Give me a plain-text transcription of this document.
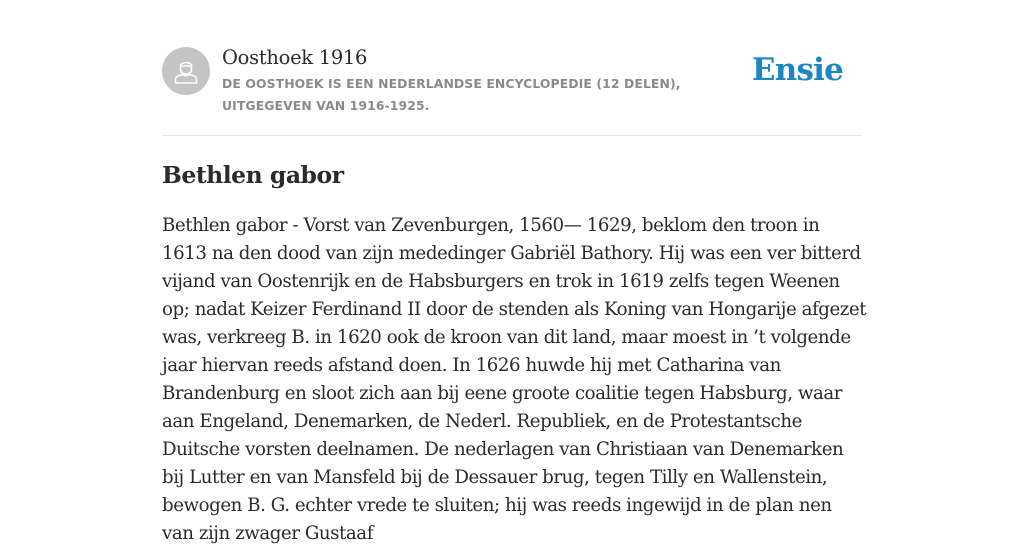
Oosthoek 1916
DE OOSTHOEK IS EEN NEDERLANDSE ENCYCLOPEDIE (12 DELEN), UITGEGEVEN VAN 1916-1925.
Ensie
Bethlen gabor

Bethlen gabor - Vorst van Zevenburgen, 1560— 1629, beklom den troon in 1613 na den dood van zijn mededinger Gabriël Bathory. Hij was een ver bitterd vijand van Oostenrijk en de Habsburgers en trok in 1619 zelfs tegen Weenen op; nadat Keizer Ferdinand II door de stenden als Koning van Hongarije afgezet was, verkreeg B. in 1620 ook de kroon van dit land, maar moest in ’t volgende jaar hiervan reeds afstand doen. In 1626 huwde hij met Catharina van Brandenburg en sloot zich aan bij eene groote coalitie tegen Habsburg, waar aan Engeland, Denemarken, de Nederl. Republiek, en de Protestantsche Duitsche vorsten deelnamen. De nederlagen van Christiaan van Denemarken bij Lutter en van Mansfeld bij de Dessauer brug, tegen Tilly en Wallenstein, bewogen B. G. echter vrede te sluiten; hij was reeds ingewijd in de plan nen van zijn zwager Gustaaf
